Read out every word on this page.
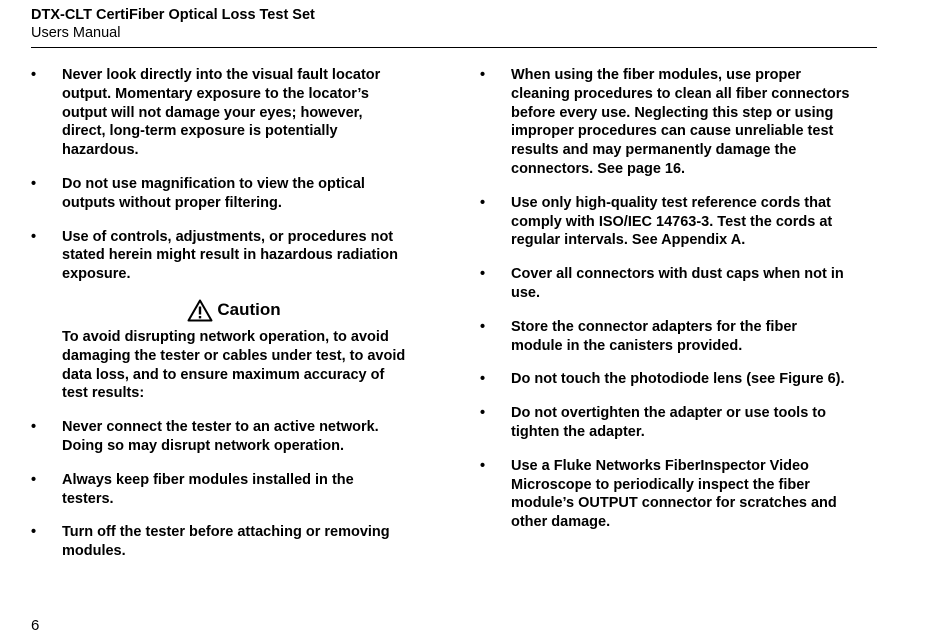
DTX-CLT CertiFiber Optical Loss Test Set
Users Manual
• Never look directly into the visual fault locator output. Momentary exposure to the locator’s output will not damage your eyes; however, direct, long-term exposure is potentially hazardous.
• Do not use magnification to view the optical outputs without proper filtering.
• Use of controls, adjustments, or procedures not stated herein might result in hazardous radiation exposure.
Caution
To avoid disrupting network operation, to avoid damaging the tester or cables under test, to avoid data loss, and to ensure maximum accuracy of test results:
• Never connect the tester to an active network. Doing so may disrupt network operation.
• Always keep fiber modules installed in the testers.
• Turn off the tester before attaching or removing modules.
• When using the fiber modules, use proper cleaning procedures to clean all fiber connectors before every use. Neglecting this step or using improper procedures can cause unreliable test results and may permanently damage the connectors. See page 16.
• Use only high-quality test reference cords that comply with ISO/IEC 14763-3. Test the cords at regular intervals. See Appendix A.
• Cover all connectors with dust caps when not in use.
• Store the connector adapters for the fiber module in the canisters provided.
• Do not touch the photodiode lens (see Figure 6).
• Do not overtighten the adapter or use tools to tighten the adapter.
• Use a Fluke Networks FiberInspector Video Microscope to periodically inspect the fiber module’s OUTPUT connector for scratches and other damage.
6
